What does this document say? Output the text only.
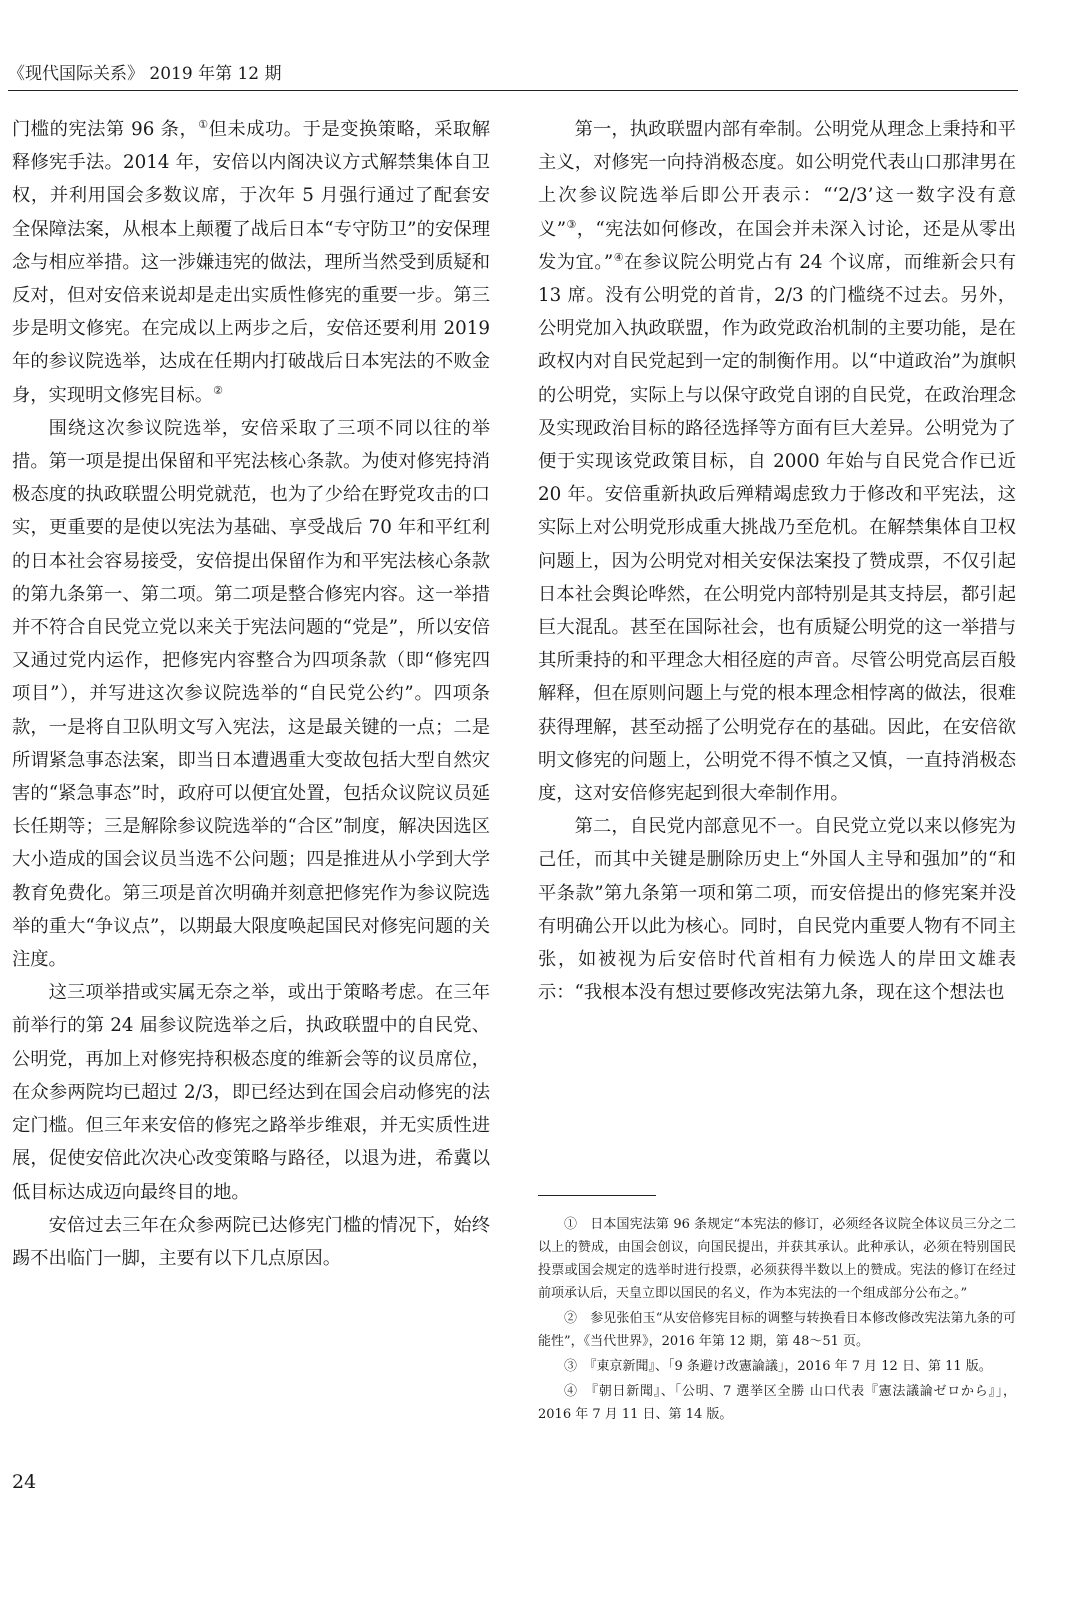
《现代国际关系》 2019 年第 12 期

门槛的宪法第 96 条，①但未成功。于是变换策略，采取解释修宪手法。2014 年，安倍以内阁决议方式解禁集体自卫权，并利用国会多数议席，于次年 5 月强行通过了配套安全保障法案，从根本上颠覆了战后日本“专守防卫”的安保理念与相应举措。这一涉嫌违宪的做法，理所当然受到质疑和反对，但对安倍来说却是走出实质性修宪的重要一步。第三步是明文修宪。在完成以上两步之后，安倍还要利用 2019 年的参议院选举，达成在任期内打破战后日本宪法的不败金身，实现明文修宪目标。②

围绕这次参议院选举，安倍采取了三项不同以往的举措。第一项是提出保留和平宪法核心条款。为使对修宪持消极态度的执政联盟公明党就范，也为了少给在野党攻击的口实，更重要的是使以宪法为基础、享受战后 70 年和平红利的日本社会容易接受，安倍提出保留作为和平宪法核心条款的第九条第一、第二项。第二项是整合修宪内容。这一举措并不符合自民党立党以来关于宪法问题的“党是”，所以安倍又通过党内运作，把修宪内容整合为四项条款（即“修宪四项目”），并写进这次参议院选举的“自民党公约”。四项条款，一是将自卫队明文写入宪法，这是最关键的一点；二是所谓紧急事态法案，即当日本遭遇重大变故包括大型自然灾害的“紧急事态”时，政府可以便宜处置，包括众议院议员延长任期等；三是解除参议院选举的“合区”制度，解决因选区大小造成的国会议员当选不公问题；四是推进从小学到大学教育免费化。第三项是首次明确并刻意把修宪作为参议院选举的重大“争议点”，以期最大限度唤起国民对修宪问题的关注度。

这三项举措或实属无奈之举，或出于策略考虑。在三年前举行的第 24 届参议院选举之后，执政联盟中的自民党、公明党，再加上对修宪持积极态度的维新会等的议员席位，在众参两院均已超过 2/3，即已经达到在国会启动修宪的法定门槛。但三年来安倍的修宪之路举步维艰，并无实质性进展，促使安倍此次决心改变策略与路径，以退为进，希冀以低目标达成迈向最终目的地。

安倍过去三年在众参两院已达修宪门槛的情况下，始终踢不出临门一脚，主要有以下几点原因。

第一，执政联盟内部有牵制。公明党从理念上秉持和平主义，对修宪一向持消极态度。如公明党代表山口那津男在上次参议院选举后即公开表示：“‘2/3’这一数字没有意义”③，“宪法如何修改，在国会并未深入讨论，还是从零出发为宜。”④在参议院公明党占有 24 个议席，而维新会只有 13 席。没有公明党的首肯，2/3 的门槛绕不过去。另外，公明党加入执政联盟，作为政党政治机制的主要功能，是在政权内对自民党起到一定的制衡作用。以“中道政治”为旗帜的公明党，实际上与以保守政党自诩的自民党，在政治理念及实现政治目标的路径选择等方面有巨大差异。公明党为了便于实现该党政策目标，自 2000 年始与自民党合作已近 20 年。安倍重新执政后殚精竭虑致力于修改和平宪法，这实际上对公明党形成重大挑战乃至危机。在解禁集体自卫权问题上，因为公明党对相关安保法案投了赞成票，不仅引起日本社会舆论哗然，在公明党内部特别是其支持层，都引起巨大混乱。甚至在国际社会，也有质疑公明党的这一举措与其所秉持的和平理念大相径庭的声音。尽管公明党高层百般解释，但在原则问题上与党的根本理念相悖离的做法，很难获得理解，甚至动摇了公明党存在的基础。因此，在安倍欲明文修宪的问题上，公明党不得不慎之又慎，一直持消极态度，这对安倍修宪起到很大牵制作用。

第二，自民党内部意见不一。自民党立党以来以修宪为己任，而其中关键是删除历史上“外国人主导和强加”的“和平条款”第九条第一项和第二项，而安倍提出的修宪案并没有明确公开以此为核心。同时，自民党内重要人物有不同主张，如被视为后安倍时代首相有力候选人的岸田文雄表示：“我根本没有想过要修改宪法第九条，现在这个想法也

①　日本国宪法第 96 条规定“本宪法的修订，必须经各议院全体议员三分之二以上的赞成，由国会创议，向国民提出，并获其承认。此种承认，必须在特别国民投票或国会规定的选举时进行投票，必须获得半数以上的赞成。宪法的修订在经过前项承认后，天皇立即以国民的名义，作为本宪法的一个组成部分公布之。”

②　参见张伯玉“从安倍修宪目标的调整与转换看日本修改修改宪法第九条的可能性”，《当代世界》，2016 年第 12 期，第 48～51 页。

③　『東京新聞』、「9 条避け改憲論議」，2016 年 7 月 12 日、第 11 版。

④　『朝日新聞』、「公明、7 選挙区全勝 山口代表『憲法議論ゼロから』」，2016 年 7 月 11 日、第 14 版。

24
